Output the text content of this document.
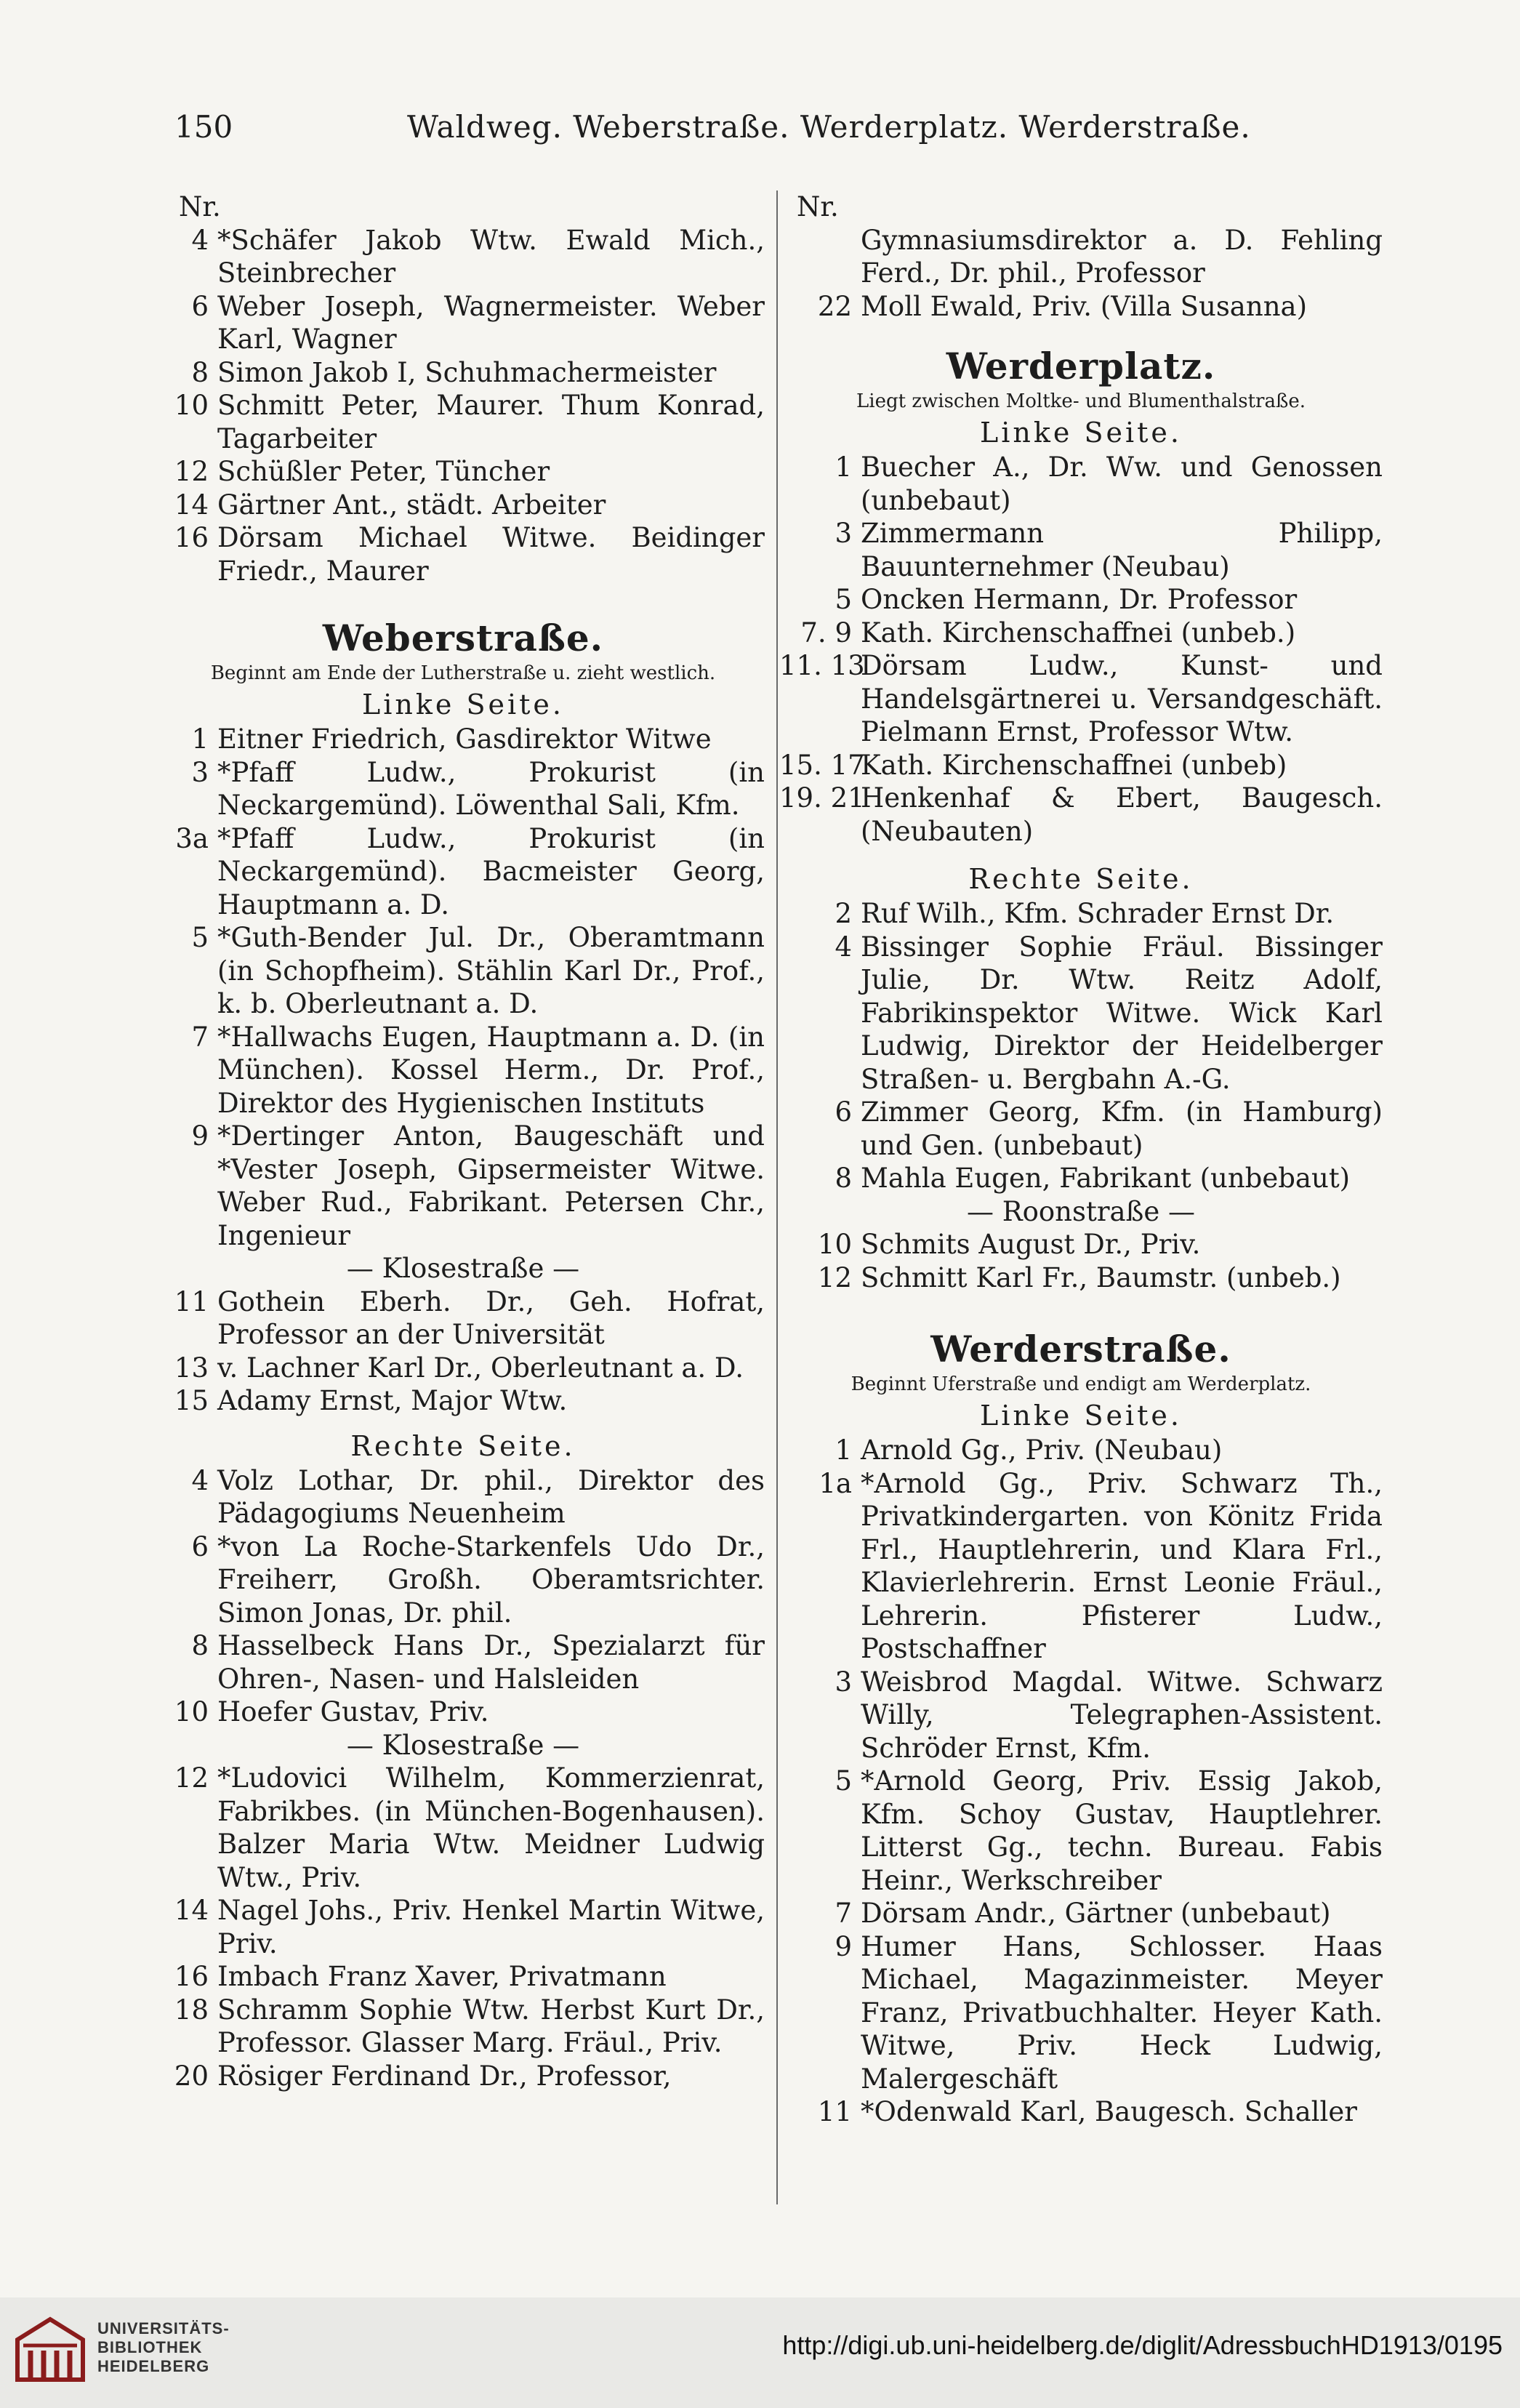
150	Waldweg. Weberstraße. Werderplatz. Werderstraße.
Nr.
4 *Schäfer Jakob Wtw. Ewald Mich., Steinbrecher
6 Weber Joseph, Wagnermeister. Weber Karl, Wagner
8 Simon Jakob I, Schuhmachermeister
10 Schmitt Peter, Maurer. Thum Konrad, Tagarbeiter
12 Schüßler Peter, Tüncher
14 Gärtner Ant., städt. Arbeiter
16 Dörsam Michael Witwe. Beidinger Friedr., Maurer
Weberstraße.
Beginnt am Ende der Lutherstraße u. zieht westlich.
Linke Seite.
1 Eitner Friedrich, Gasdirektor Witwe
3 *Pfaff Ludw., Prokurist (in Neckargemünd). Löwenthal Sali, Kfm.
3a *Pfaff Ludw., Prokurist (in Neckargemünd). Bacmeister Georg, Hauptmann a. D.
5 *Guth-Bender Jul. Dr., Oberamtmann (in Schopfheim). Stählin Karl Dr., Prof., k. b. Oberleutnant a. D.
7 *Hallwachs Eugen, Hauptmann a. D. (in München). Kossel Herm., Dr. Prof., Direktor des Hygienischen Instituts
9 *Dertinger Anton, Baugeschäft und *Vester Joseph, Gipsermeister Witwe. Weber Rud., Fabrikant. Petersen Chr., Ingenieur
— Klosestraße —
11 Gothein Eberh. Dr., Geh. Hofrat, Professor an der Universität
13 v. Lachner Karl Dr., Oberleutnant a. D.
15 Adamy Ernst, Major Wtw.
Rechte Seite.
4 Volz Lothar, Dr. phil., Direktor des Pädagogiums Neuenheim
6 *von La Roche-Starkenfels Udo Dr., Freiherr, Großh. Oberamtsrichter. Simon Jonas, Dr. phil.
8 Hasselbeck Hans Dr., Spezialarzt für Ohren-, Nasen- und Halsleiden
10 Hoefer Gustav, Priv.
— Klosestraße —
12 *Ludovici Wilhelm, Kommerzienrat, Fabrikbes. (in München-Bogenhausen). Balzer Maria Wtw. Meidner Ludwig Wtw., Priv.
14 Nagel Johs., Priv. Henkel Martin Witwe, Priv.
16 Imbach Franz Xaver, Privatmann
18 Schramm Sophie Wtw. Herbst Kurt Dr., Professor. Glasser Marg. Fräul., Priv.
20 Rösiger Ferdinand Dr., Professor,
Nr.
Gymnasiumsdirektor a. D. Fehling Ferd., Dr. phil., Professor
22 Moll Ewald, Priv. (Villa Susanna)
Werderplatz.
Liegt zwischen Moltke- und Blumenthalstraße.
Linke Seite.
1 Buecher A., Dr. Ww. und Genossen (unbebaut)
3 Zimmermann Philipp, Bauunternehmer (Neubau)
5 Oncken Hermann, Dr. Professor
7. 9 Kath. Kirchenschaffnei (unbeb.)
11. 13
Dörsam Ludw., Kunst- und Handelsgärtnerei u. Versandgeschäft. Pielmann Ernst, Professor Wtw.
15. 17
Kath. Kirchenschaffnei (unbeb)
19. 21
Henkenhaf & Ebert, Baugesch. (Neubauten)
Rechte Seite.
2 Ruf Wilh., Kfm. Schrader Ernst Dr.
4 Bissinger Sophie Fräul. Bissinger Julie, Dr. Wtw. Reitz Adolf, Fabrikinspektor Witwe. Wick Karl Ludwig, Direktor der Heidelberger Straßen- u. Bergbahn A.-G.
6 Zimmer Georg, Kfm. (in Hamburg) und Gen. (unbebaut)
8 Mahla Eugen, Fabrikant (unbebaut)
— Roonstraße —
10 Schmits August Dr., Priv.
12 Schmitt Karl Fr., Baumstr. (unbeb.)
Werderstraße.
Beginnt Uferstraße und endigt am Werderplatz.
Linke Seite.
1 Arnold Gg., Priv. (Neubau)
1a *Arnold Gg., Priv. Schwarz Th., Privatkindergarten. von Könitz Frida Frl., Hauptlehrerin, und Klara Frl., Klavierlehrerin. Ernst Leonie Fräul., Lehrerin. Pfisterer Ludw., Postschaffner
3 Weisbrod Magdal. Witwe. Schwarz Willy, Telegraphen-Assistent. Schröder Ernst, Kfm.
5 *Arnold Georg, Priv. Essig Jakob, Kfm. Schoy Gustav, Hauptlehrer. Litterst Gg., techn. Bureau. Fabis Heinr., Werkschreiber
7 Dörsam Andr., Gärtner (unbebaut)
9 Humer Hans, Schlosser. Haas Michael, Magazinmeister. Meyer Franz, Privatbuchhalter. Heyer Kath. Witwe, Priv. Heck Ludwig, Malergeschäft
11 *Odenwald Karl, Baugesch. Schaller
UNIVERSITÄTS-
BIBLIOTHEK
HEIDELBERG
http://digi.ub.uni-heidelberg.de/diglit/AdressbuchHD1913/0195
